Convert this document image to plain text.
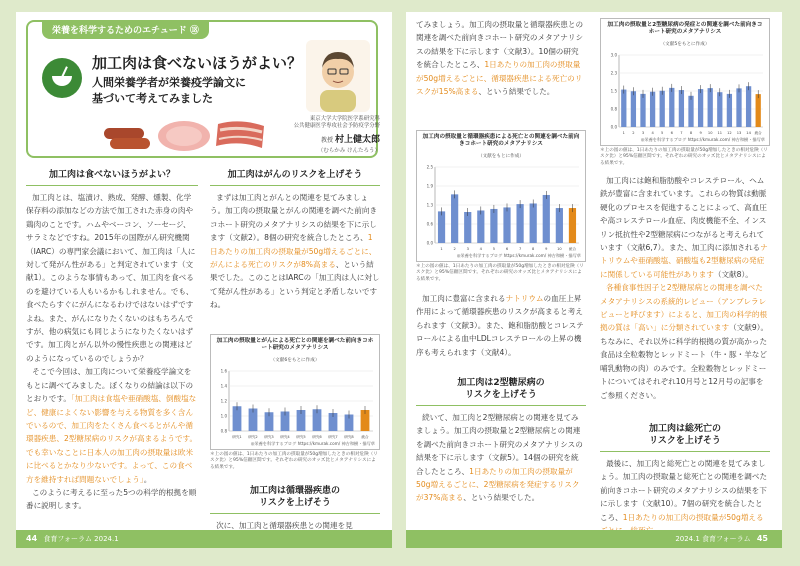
栄養を科学するためのエチュード ⑱
加工肉は食べないほうがよい？
人間栄養学者が栄養疫学論文に
基づいて考えてみました
東京大学大学院医学系研究科
公共健康医学専攻社会予防疫学分野
教授 村上健太郎
（むらかみ けんたろう）
加工肉は食べないほうがよい？
加工肉とは、塩漬け、熟成、発酵、燻製、化学保存料の添加などの方法で加工された赤身の肉や鶏肉のことです。ハムやベーコン、ソーセージ、サラミなどですね。2015年の国際がん研究機関（IARC）の専門家会議において、加工肉は「人に対して発がん性がある」と判定されています（文献1）。このような事情もあって、加工肉を食べるのを避けている人もいるかもしれません。でも、食べたらすぐにがんになるわけではないはずですよね。また、がんになりたくないのはもちろんですが、他の病気にも同じようになりたくないはずです。加工肉とがん以外の慢性疾患との関連はどのようになっているのでしょうか？
そこで今回は、加工肉について栄養疫学論文をもとに調べてみました。ぼくなりの結論は以下のとおりです。「加工肉は食塩や亜硝酸塩、倒酸塩など、健康によくない影響を与える物質を多く含んでいるので、加工肉をたくさん食べるとがんや循環器疾患、2型糖尿病のリスクが高まるようです。でも幸いなことに日本人の加工肉の摂取量は欧米に比べるとかなり少ないです。よって、この食べ方を維持すれば問題ないでしょう」。
このように考えるに至った5つの科学的根拠を順番に説明します。
加工肉はがんのリスクを上げそう
まずは加工肉とがんとの関連を見てみましょう。加工肉の摂取量とがんの関連を調べた前向きコホート研究のメタアナリシスの結果を下に示します（文献2）。8個の研究を統合したところ、1日あたりの加工肉の摂取量が50g増えるごとに、がんによる死亡のリスクが8%高まる、という結果でした。このことはIARCの「加工肉は人に対して発がん性がある」という判定と矛盾しないですね。
加工肉の摂取量とがんによる死亡との関連を調べた前向きコホート研究のメタアナリシス
（文献6をもとに作成）
0.8
1.0
1.2
1.4
1.6
研究1 研究2 研究3 研究4 研究5 研究6 研究7 研究8 統合
◎栄養を科学するブログ https://kmurak.com/ 神吉和樹・描写草
＊上の図の値は、1日あたりの加工肉の摂取量が50g増加したときの相対危険（リスク比）と95%信頼区間です。それぞれの研究のオッズ比とメタアナリシスによる結果です。
加工肉は循環器疾患の
リスクを上げそう
次に、加工肉と循環器疾患との関連を見
44 食育フォーラム 2024.1
てみましょう。加工肉の摂取量と循環器疾患との関連を調べた前向きコホート研究のメタアナリシスの結果を下に示します（文献3）。10個の研究を統合したところ、1日あたりの加工肉の摂取量が50g増えるごとに、循環器疾患による死亡のリスクが15%高まる、という結果でした。
加工肉の摂取量と循環器疾患による死亡との関連を調べた前向きコホート研究のメタアナリシス
（文献をもとに作成）
0.0
0.6
1.3
1.9
2.5
1	2	3	4	5	6	7	8	9	10 統合
◎栄養を科学するブログ https://kmurak.com/ 神吉和樹・描写草
＊上の図の値は、1日あたりの加工肉の摂取量が50g増加したときの相対危険（リスク比）と95%信頼区間です。それぞれの研究のオッズ比とメタアナリシスによる結果です。
加工肉に豊富に含まれるナトリウムの血圧上昇作用によって循環器疾患のリスクが高まると考えられます（文献3）。また、飽和脂肪酸とコレステロールによる血中LDLコレステロールの上昇の機序も考えられます（文献4）。
加工肉は2型糖尿病の
リスクを上げそう
続いて、加工肉と2型糖尿病との関連を見てみましょう。加工肉の摂取量と2型糖尿病との関連を調べた前向きコホート研究のメタアナリシスの結果を下に示します（文献5）。14個の研究を統合したところ、1日あたりの加工肉の摂取量が50g増えるごとに、2型糖尿病を発症するリスクが37%高まる、という結果でした。
加工肉の摂取量と2型糖尿病の発症との関連を調べた前向きコホート研究のメタアナリシス
（文献5をもとに作成）
0.0
0.8
1.5
2.3
3.0
1 2 3 4 5 6 7 8 9 10 11 12 13 14 統合
◎栄養を科学するブログ https://kmurak.com/ 神吉和樹・描写草
＊上の図の値は、1日あたりの加工肉の摂取量が50g増加したときの相対危険（リスク比）と95%信頼区間です。それぞれの研究のオッズ比とメタアナリシスによる結果です。
加工肉には飽和脂肪酸やコレステロール、ヘム鉄が豊富に含まれています。これらの物質は動脈硬化のプロセスを促進することによって、高血圧や高コレステロール血症、肉皮機能不全、インスリン抵抗性や2型糖尿病につながると考えられています（文献6,7）。また、加工肉に添加されるナトリウムや亜硝酸塩、硝酸塩も2型糖尿病の発症に関係している可能性があります（文献8）。
各種食事性因子と2型糖尿病との関連を調べたメタアナリシスの系統的レビュー（アンブレラレビューと呼びます）によると、加工肉の科学的根拠の質は「高い」に分類されています（文献9）。ちなみに、それ以外に科学的根拠の質が高かった食品は全粒穀物とレッドミート（牛・豚・羊など哺乳動物の肉）のみです。全粒穀物とレッドミートについてはそれぞれ10月号と12月号の記事をご参照ください。
加工肉は総死亡の
リスクを上げそう
最後に、加工肉と総死亡との関連を見てみましょう。加工肉の摂取量と総死亡との関連を調べた前向きコホート研究のメタアナリシスの結果を下に示します（文献10）。7個の研究を統合したところ、1日あたりの加工肉の摂取量が50g増える
2024.1 食育フォーラム 45
